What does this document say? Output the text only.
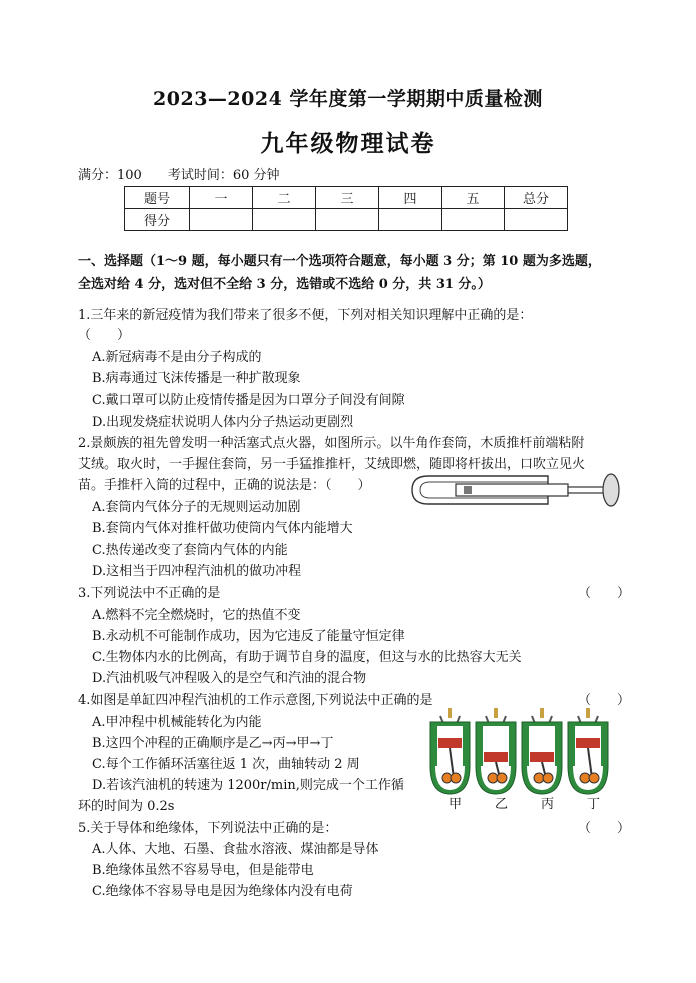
2023—2024 学年度第一学期期中质量检测
九年级物理试卷
满分：100 考试时间：60 分钟
题号	一	二	三	四	五	总分
得分						
一、选择题（1～9 题，每小题只有一个选项符合题意，每小题 3 分；第 10 题为多选题，
全选对给 4 分，选对但不全给 3 分，选错或不选给 0 分，共 31 分。）
1.三年来的新冠疫情为我们带来了很多不便，下列对相关知识理解中正确的是：
（　　）
A.新冠病毒不是由分子构成的
B.病毒通过飞沫传播是一种扩散现象
C.戴口罩可以防止疫情传播是因为口罩分子间没有间隙
D.出现发烧症状说明人体内分子热运动更剧烈
2.景颇族的祖先曾发明一种活塞式点火器，如图所示。以牛角作套筒，木质推杆前端粘附
艾绒。取火时，一手握住套筒，另一手猛推推杆，艾绒即燃，随即将杆拔出，口吹立见火
苗。手推杆入筒的过程中，正确的说法是：（　　）
A.套筒内气体分子的无规则运动加剧
B.套筒内气体对推杆做功使筒内气体内能增大
C.热传递改变了套筒内气体的内能
D.这相当于四冲程汽油机的做功冲程
3.下列说法中不正确的是	（　　）
A.燃料不完全燃烧时，它的热值不变
B.永动机不可能制作成功，因为它违反了能量守恒定律
C.生物体内水的比例高，有助于调节自身的温度，但这与水的比热容大无关
D.汽油机吸气冲程吸入的是空气和汽油的混合物
4.如图是单缸四冲程汽油机的工作示意图,下列说法中正确的是	（　　）
A.甲冲程中机械能转化为内能
B.这四个冲程的正确顺序是乙→丙→甲→丁
C.每个工作循环活塞往返 1 次，曲轴转动 2 周
D.若该汽油机的转速为 1200r/min,则完成一个工作循
环的时间为 0.2s	甲	乙	丙	丁
5.关于导体和绝缘体，下列说法中正确的是：	（　　）
A.人体、大地、石墨、食盐水溶液、煤油都是导体
B.绝缘体虽然不容易导电，但是能带电
C.绝缘体不容易导电是因为绝缘体内没有电荷
